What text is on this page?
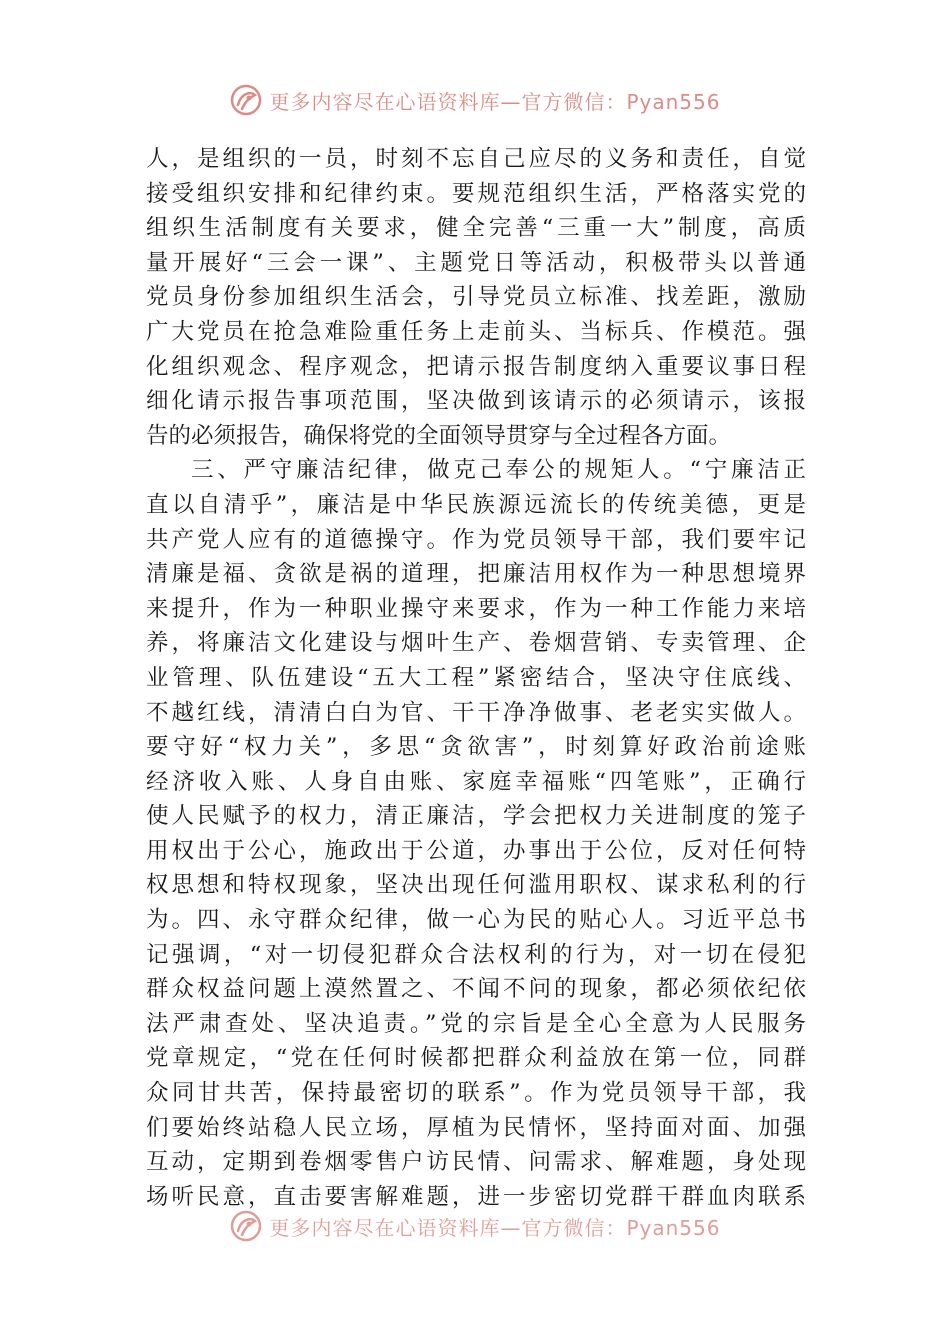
更多内容尽在心语资料库—官方微信：Pyan556
人，是组织的一员，时刻不忘自己应尽的义务和责任，自觉
接受组织安排和纪律约束。要规范组织生活，严格落实党的
组织生活制度有关要求，健全完善“三重一大”制度，高质
量开展好“三会一课”、主题党日等活动，积极带头以普通
党员身份参加组织生活会，引导党员立标准、找差距，激励
广大党员在抢急难险重任务上走前头、当标兵、作模范。强
化组织观念、程序观念，把请示报告制度纳入重要议事日程
细化请示报告事项范围，坚决做到该请示的必须请示，该报
告的必须报告，确保将党的全面领导贯穿与全过程各方面。
三、严守廉洁纪律，做克己奉公的规矩人。“宁廉洁正
直以自清乎”，廉洁是中华民族源远流长的传统美德，更是
共产党人应有的道德操守。作为党员领导干部，我们要牢记
清廉是福、贪欲是祸的道理，把廉洁用权作为一种思想境界
来提升，作为一种职业操守来要求，作为一种工作能力来培
养，将廉洁文化建设与烟叶生产、卷烟营销、专卖管理、企
业管理、队伍建设“五大工程”紧密结合，坚决守住底线、
不越红线，清清白白为官、干干净净做事、老老实实做人。
要守好“权力关”，多思“贪欲害”，时刻算好政治前途账
经济收入账、人身自由账、家庭幸福账“四笔账”，正确行
使人民赋予的权力，清正廉洁，学会把权力关进制度的笼子
用权出于公心，施政出于公道，办事出于公位，反对任何特
权思想和特权现象，坚决出现任何滥用职权、谋求私利的行
为。四、永守群众纪律，做一心为民的贴心人。习近平总书
记强调，“对一切侵犯群众合法权利的行为，对一切在侵犯
群众权益问题上漠然置之、不闻不问的现象，都必须依纪依
法严肃查处、坚决追责。”党的宗旨是全心全意为人民服务
党章规定，“党在任何时候都把群众利益放在第一位，同群
众同甘共苦，保持最密切的联系”。作为党员领导干部，我
们要始终站稳人民立场，厚植为民情怀，坚持面对面、加强
互动，定期到卷烟零售户访民情、问需求、解难题，身处现
场听民意，直击要害解难题，进一步密切党群干群血肉联系
更多内容尽在心语资料库—官方微信：Pyan556
